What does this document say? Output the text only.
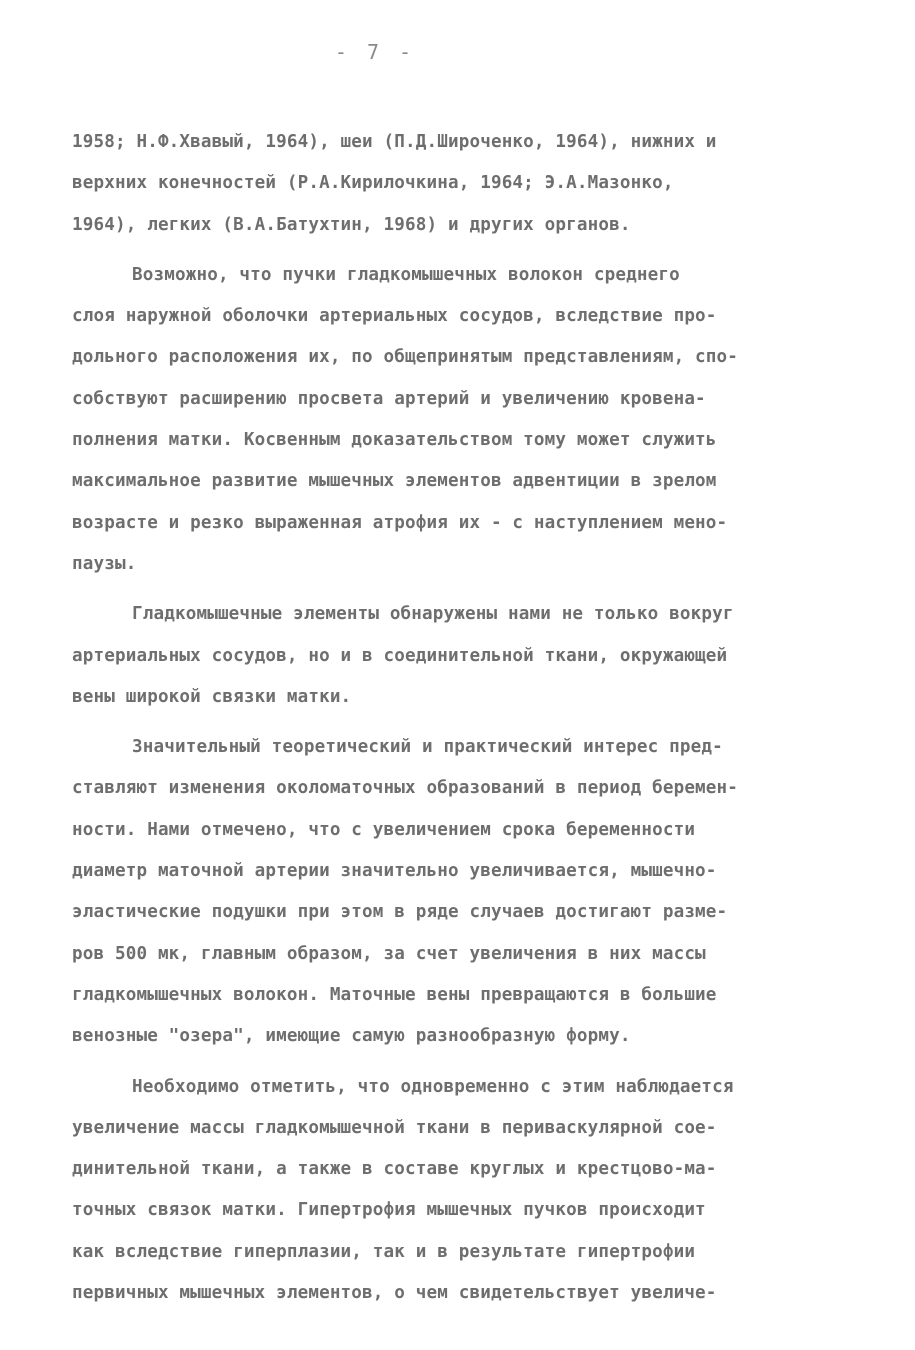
- 7 -
1958; Н.Ф.Хвавый, 1964), шеи (П.Д.Широченко, 1964), нижних и
верхних конечностей (Р.А.Кирилочкина, 1964; Э.А.Мазонко,
1964), легких (В.А.Батухтин, 1968) и других органов.
Возможно, что пучки гладкомышечных волокон среднего
слоя наружной оболочки артериальных сосудов, вследствие про-
дольного расположения их, по общепринятым представлениям, спо-
собствуют расширению просвета артерий и увеличению кровена-
полнения матки. Косвенным доказательством тому может служить
максимальное развитие мышечных элементов адвентиции в зрелом
возрасте и резко выраженная атрофия их - с наступлением мено-
паузы.
Гладкомышечные элементы обнаружены нами не только вокруг
артериальных сосудов, но и в соединительной ткани, окружающей
вены широкой связки матки.
Значительный теоретический и практический интерес пред-
ставляют изменения околоматочных образований в период беремен-
ности. Нами отмечено, что с увеличением срока беременности
диаметр маточной артерии значительно увеличивается, мышечно-
эластические подушки при этом в ряде случаев достигают разме-
ров 500 мк, главным образом, за счет увеличения в них массы
гладкомышечных волокон. Маточные вены превращаются в большие
венозные "озера", имеющие самую разнообразную форму.
Необходимо отметить, что одновременно с этим наблюдается
увеличение массы гладкомышечной ткани в периваскулярной сое-
динительной ткани, а также в составе круглых и крестцово-ма-
точных связок матки. Гипертрофия мышечных пучков происходит
как вследствие гиперплазии, так и в результате гипертрофии
первичных мышечных элементов, о чем свидетельствует увеличе-
